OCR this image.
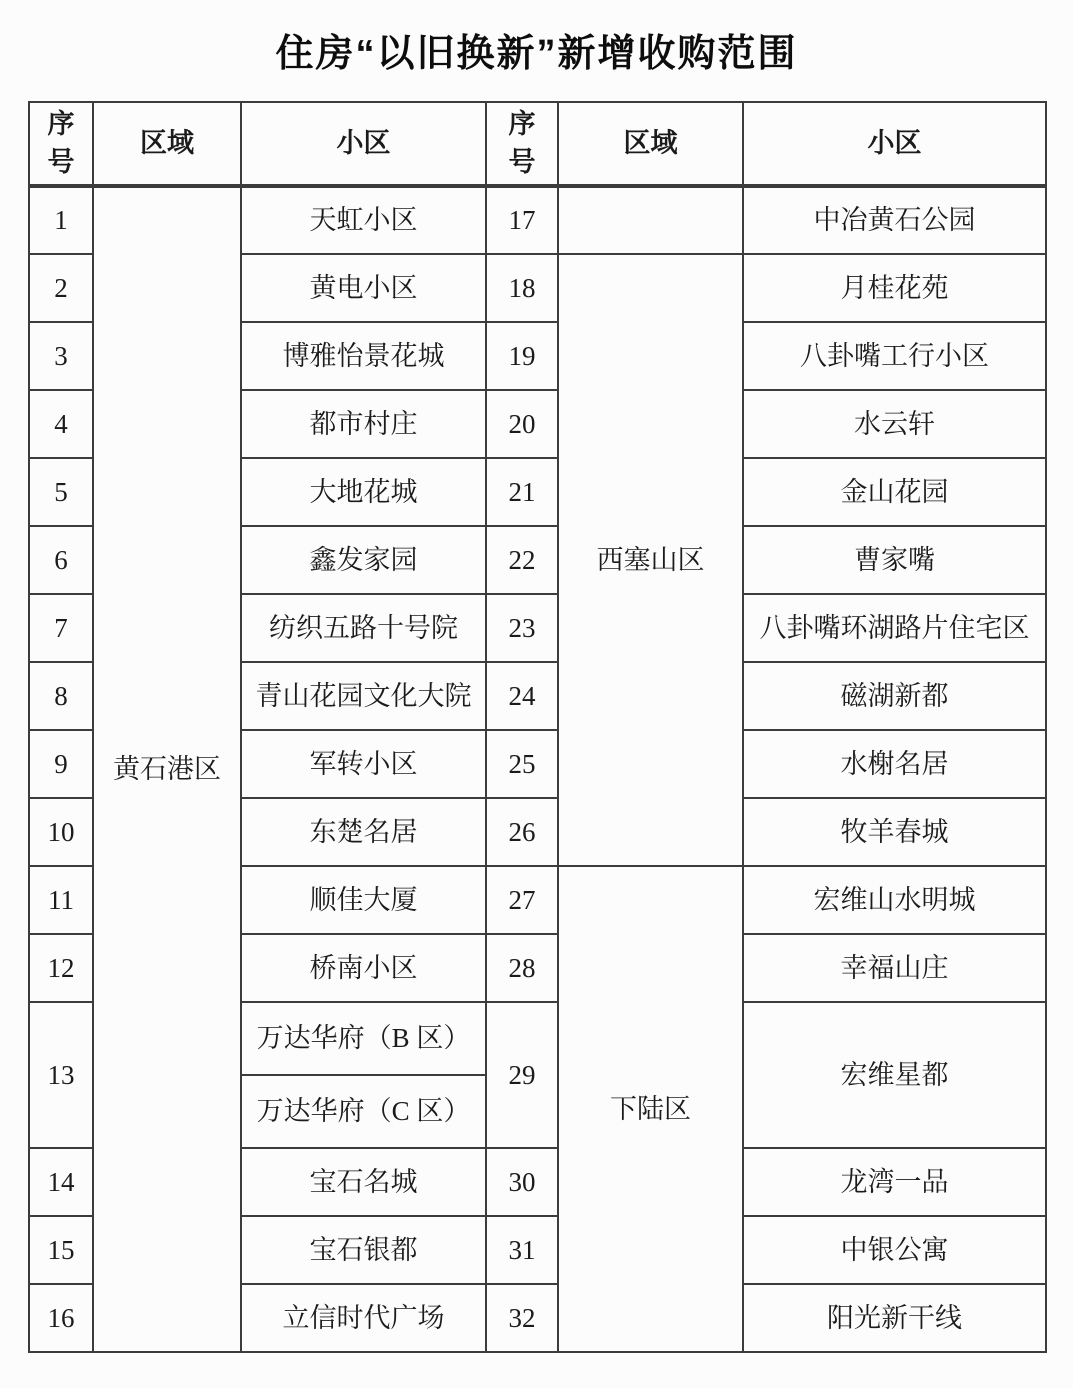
住房“以旧换新”新增收购范围
序号	区域	小区	序号	区域	小区
1	黄石港区	天虹小区	17		中冶黄石公园
2		黄电小区	18	西塞山区	月桂花苑
3		博雅怡景花城	19		八卦嘴工行小区
4		都市村庄	20		水云轩
5		大地花城	21		金山花园
6		鑫发家园	22		曹家嘴
7		纺织五路十号院	23		八卦嘴环湖路片住宅区
8		青山花园文化大院	24		磁湖新都
9		军转小区	25		水榭名居
10		东楚名居	26		牧羊春城
11		顺佳大厦	27	下陆区	宏维山水明城
12		桥南小区	28		幸福山庄
13		万达华府（B 区）	29		宏维星都
		万达华府（C 区）			
14		宝石名城	30		龙湾一品
15		宝石银都	31		中银公寓
16		立信时代广场	32		阳光新干线
